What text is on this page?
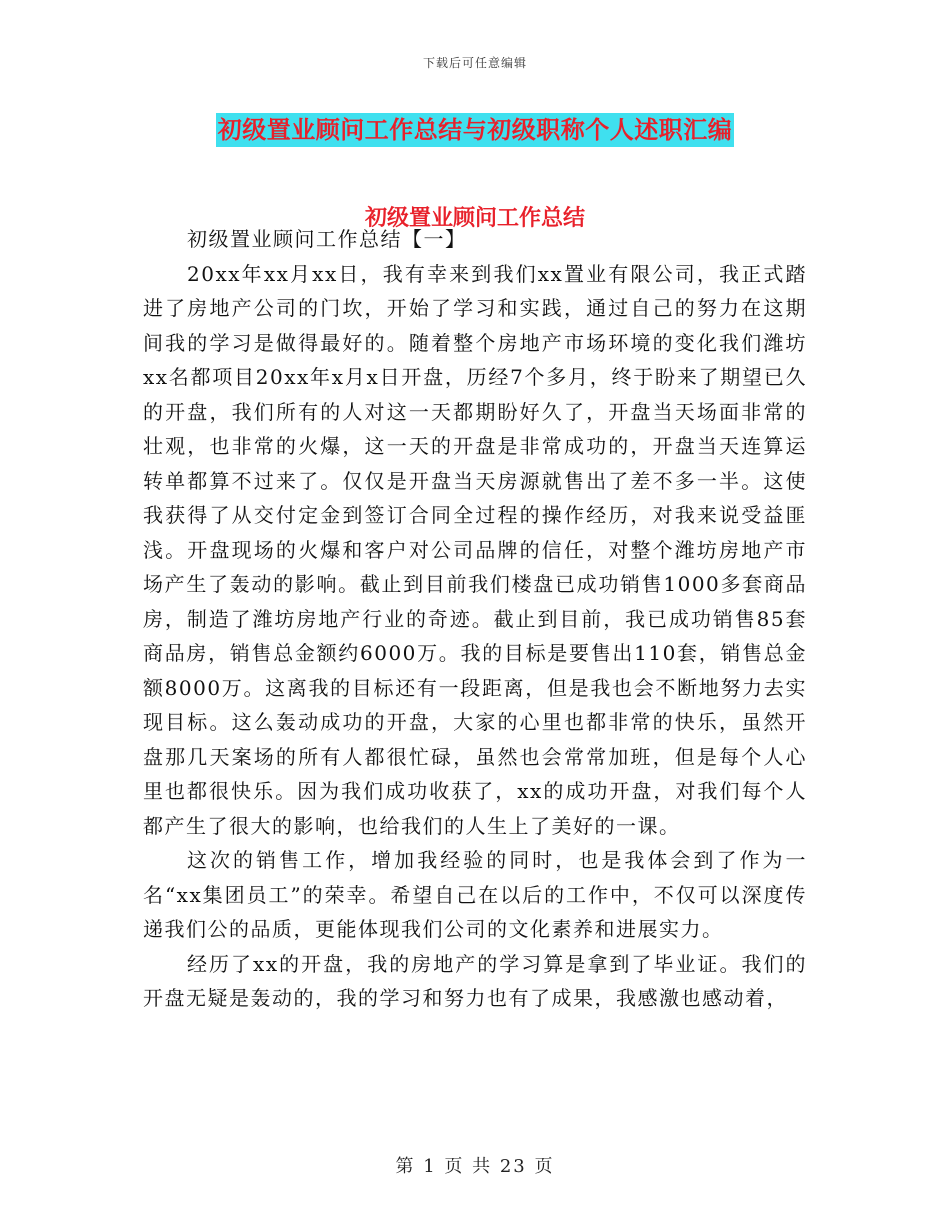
下载后可任意编辑
初级置业顾问工作总结与初级职称个人述职汇编
初级置业顾问工作总结

初级置业顾问工作总结【一】

20xx年xx月xx日，我有幸来到我们xx置业有限公司，我正式踏进了房地产公司的门坎，开始了学习和实践，通过自己的努力在这期间我的学习是做得最好的。随着整个房地产市场环境的变化我们潍坊xx名都项目20xx年x月x日开盘，历经7个多月，终于盼来了期望已久的开盘，我们所有的人对这一天都期盼好久了，开盘当天场面非常的壮观，也非常的火爆，这一天的开盘是非常成功的，开盘当天连算运转单都算不过来了。仅仅是开盘当天房源就售出了差不多一半。这使我获得了从交付定金到签订合同全过程的操作经历，对我来说受益匪浅。开盘现场的火爆和客户对公司品牌的信任，对整个潍坊房地产市场产生了轰动的影响。截止到目前我们楼盘已成功销售1000多套商品房，制造了潍坊房地产行业的奇迹。截止到目前，我已成功销售85套商品房，销售总金额约6000万。我的目标是要售出110套，销售总金额8000万。这离我的目标还有一段距离，但是我也会不断地努力去实现目标。这么轰动成功的开盘，大家的心里也都非常的快乐，虽然开盘那几天案场的所有人都很忙碌，虽然也会常常加班，但是每个人心里也都很快乐。因为我们成功收获了，xx的成功开盘，对我们每个人都产生了很大的影响，也给我们的人生上了美好的一课。

这次的销售工作，增加我经验的同时，也是我体会到了作为一名“xx集团员工”的荣幸。希望自己在以后的工作中，不仅可以深度传递我们公的品质，更能体现我们公司的文化素养和进展实力。

经历了xx的开盘，我的房地产的学习算是拿到了毕业证。我们的开盘无疑是轰动的，我的学习和努力也有了成果，我感激也感动着，

第 1 页 共 23 页
